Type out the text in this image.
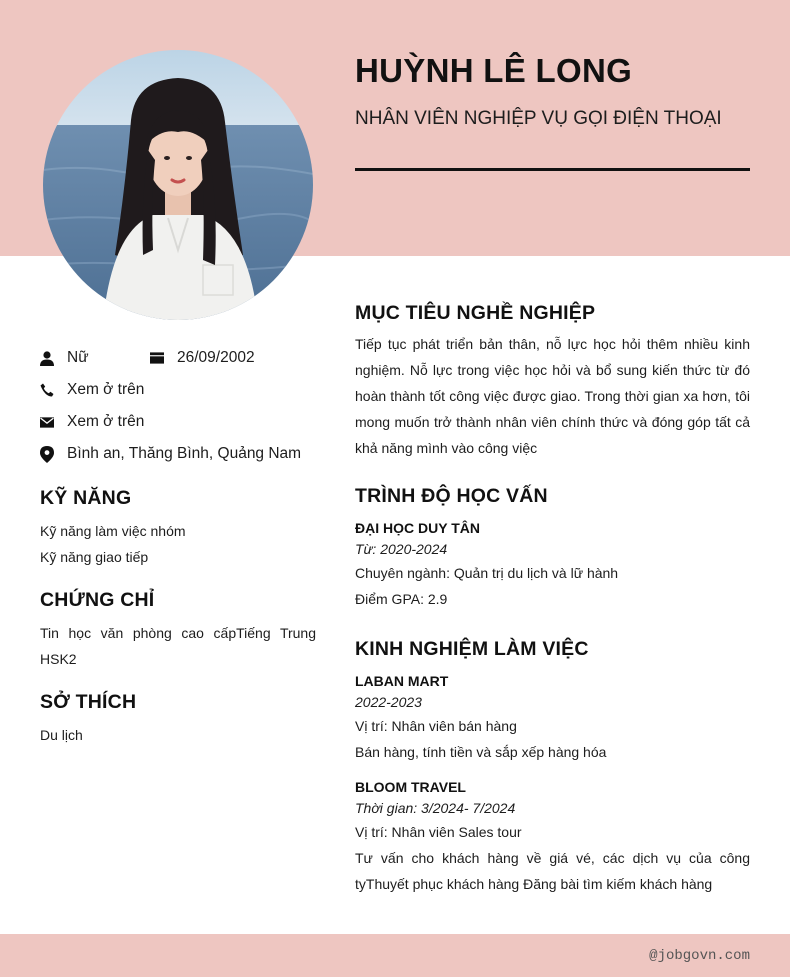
HUỲNH LÊ LONG
NHÂN VIÊN NGHIỆP VỤ GỌI ĐIỆN THOẠI
Nữ	26/09/2002
Xem ở trên
Xem ở trên
Bình an, Thăng Bình, Quảng Nam
KỸ NĂNG
Kỹ năng làm việc nhóm
Kỹ năng giao tiếp
CHỨNG CHỈ
Tin học văn phòng cao cấpTiếng Trung HSK2
SỞ THÍCH
Du lịch
MỤC TIÊU NGHỀ NGHIỆP
Tiếp tục phát triển bản thân, nỗ lực học hỏi thêm nhiều kinh nghiệm. Nỗ lực trong việc học hỏi và bổ sung kiến thức từ đó hoàn thành tốt công việc được giao. Trong thời gian xa hơn, tôi mong muốn trở thành nhân viên chính thức và đóng góp tất cả khả năng mình vào công việc
TRÌNH ĐỘ HỌC VẤN
ĐẠI HỌC DUY TÂN
Từ: 2020-2024
Chuyên ngành: Quản trị du lịch và lữ hành
Điểm GPA: 2.9
KINH NGHIỆM LÀM VIỆC
LABAN MART
2022-2023
Vị trí: Nhân viên bán hàng
Bán hàng, tính tiền và sắp xếp hàng hóa
BLOOM TRAVEL
Thời gian: 3/2024- 7/2024
Vị trí: Nhân viên Sales tour
Tư vấn cho khách hàng về giá vé, các dịch vụ của công tyThuyết phục khách hàng Đăng bài tìm kiếm khách hàng
@jobgovn.com
